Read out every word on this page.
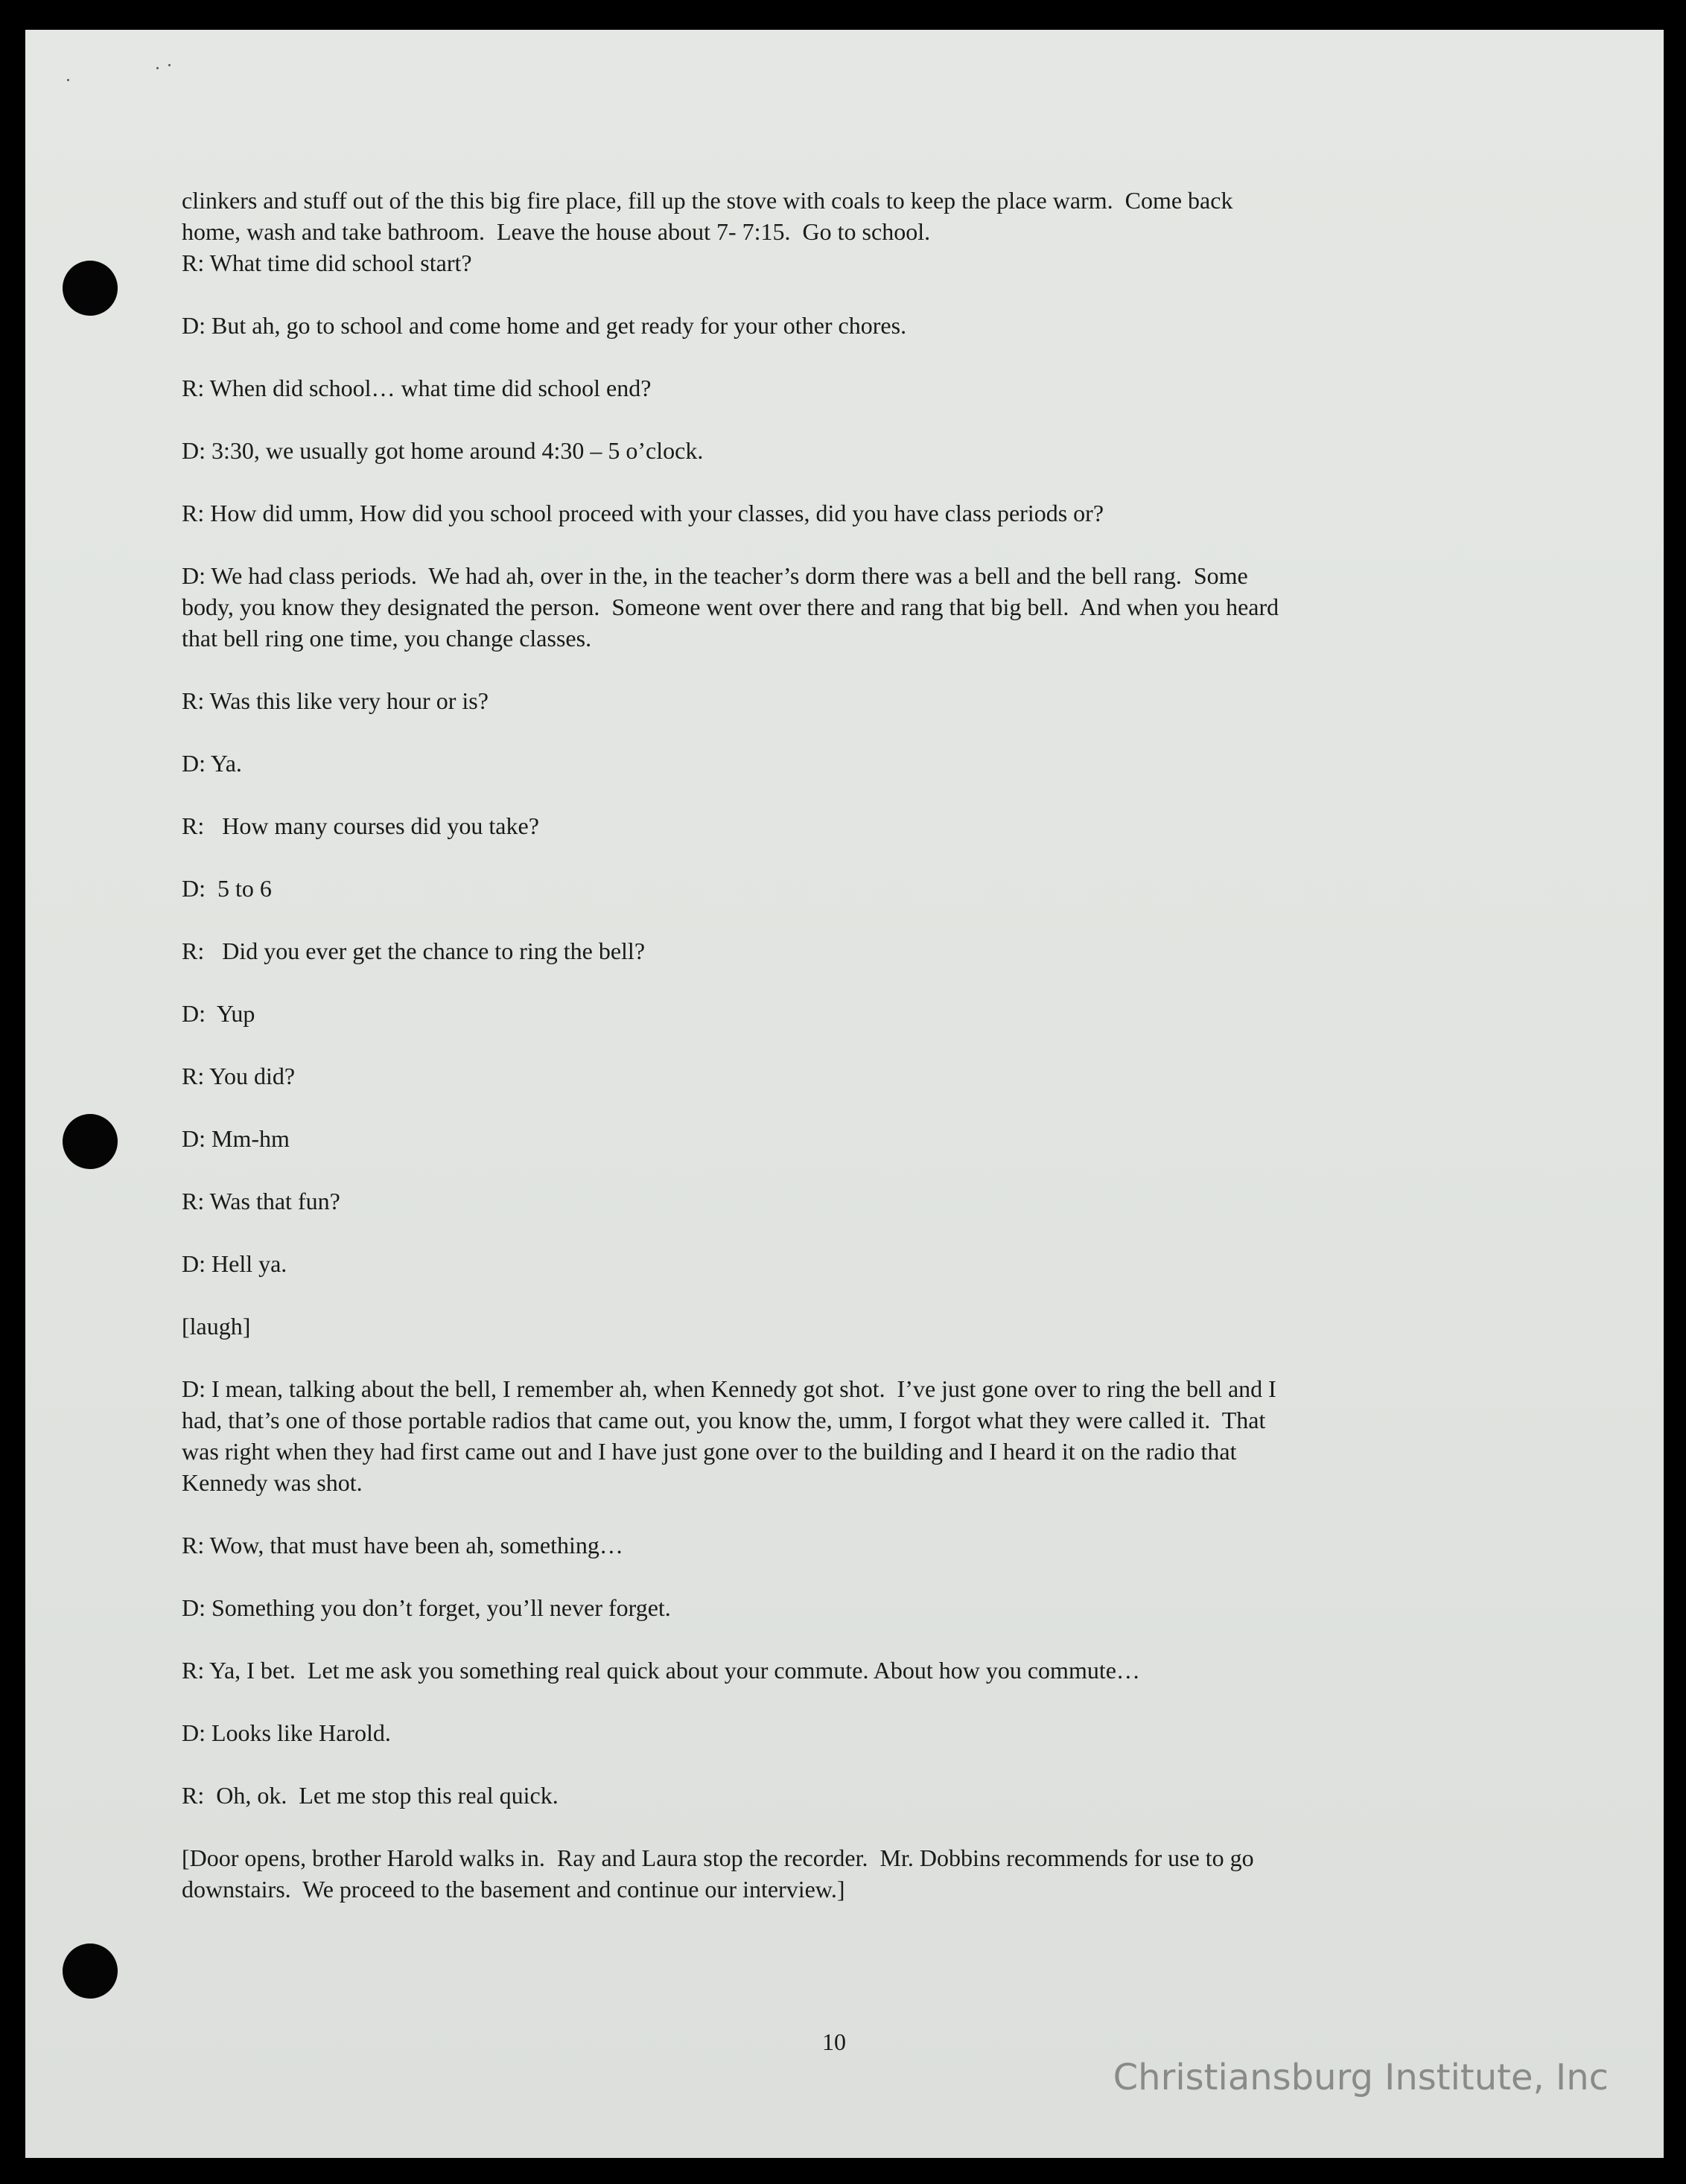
clinkers and stuff out of the this big fire place, fill up the stove with coals to keep the place warm.  Come back
home, wash and take bathroom.  Leave the house about 7- 7:15.  Go to school.
R: What time did school start?
D: But ah, go to school and come home and get ready for your other chores.
R: When did school… what time did school end?
D: 3:30, we usually got home around 4:30 – 5 o’clock.
R: How did umm, How did you school proceed with your classes, did you have class periods or?
D: We had class periods.  We had ah, over in the, in the teacher’s dorm there was a bell and the bell rang.  Some
body, you know they designated the person.  Someone went over there and rang that big bell.  And when you heard
that bell ring one time, you change classes.
R: Was this like very hour or is?
D: Ya.
R:   How many courses did you take?
D:  5 to 6
R:   Did you ever get the chance to ring the bell?
D:  Yup
R: You did?
D: Mm-hm
R: Was that fun?
D: Hell ya.
[laugh]
D: I mean, talking about the bell, I remember ah, when Kennedy got shot.  I’ve just gone over to ring the bell and I
had, that’s one of those portable radios that came out, you know the, umm, I forgot what they were called it.  That
was right when they had first came out and I have just gone over to the building and I heard it on the radio that
Kennedy was shot.
R: Wow, that must have been ah, something…
D: Something you don’t forget, you’ll never forget.
R: Ya, I bet.  Let me ask you something real quick about your commute. About how you commute…
D: Looks like Harold.
R:  Oh, ok.  Let me stop this real quick.
[Door opens, brother Harold walks in.  Ray and Laura stop the recorder.  Mr. Dobbins recommends for use to go
downstairs.  We proceed to the basement and continue our interview.]
10
Christiansburg Institute, Inc
